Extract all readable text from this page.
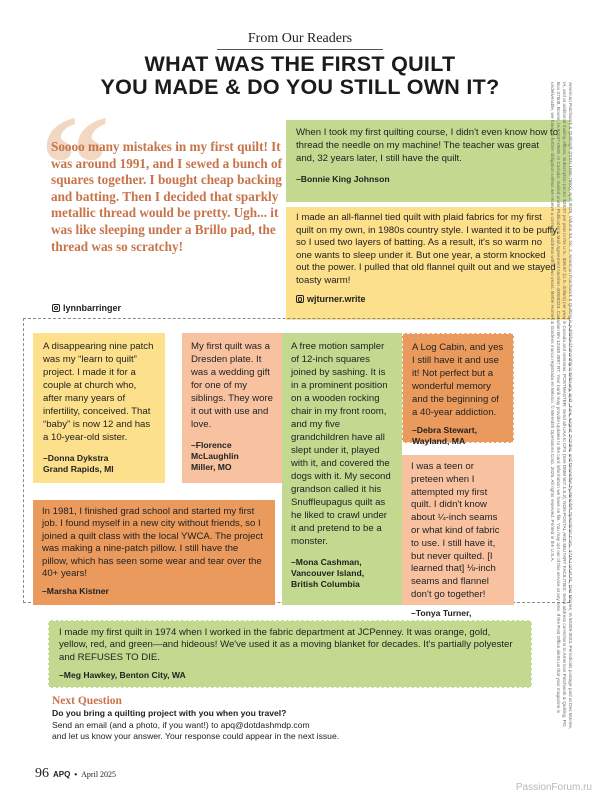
From Our Readers
WHAT WAS THE FIRST QUILT
YOU MADE & DO YOU STILL OWN IT?
“
Soooo many mistakes in my first quilt! It was around 1991, and I sewed a bunch of squares together. I bought cheap backing and batting. Then I decided that sparkly metallic thread would be pretty. Ugh... it was like sleeping under a Brillo pad, the thread was so scratchy!
lynnbarringer

When I took my first quilting course, I didn't even know how to thread the needle on my machine! The teacher was great and, 32 years later, I still have the quilt.

–Bonnie King Johnson

I made an all-flannel tied quilt with plaid fabrics for my first quilt on my own, in 1980s country style. I wanted it to be puffy, so I used two layers of batting. As a result, it's so warm no one wants to sleep under it. But one year, a storm knocked out the power. I pulled that old flannel quilt out and we stayed toasty warm!

wjturner.write

A disappearing nine patch was my “learn to quilt” project. I made it for a couple at church who, after many years of infertility, conceived. That “baby” is now 12 and has a 10-year-old sister.

–Donna Dykstra
Grand Rapids, MI

My first quilt was a Dresden plate. It was a wedding gift for one of my siblings. They wore it out with use and love.

–Florence
McLaughlin
Miller, MO

A free motion sampler of 12-inch squares joined by sashing. It is in a prominent position on a wooden rocking chair in my front room, and my five grandchildren have all slept under it, played with it, and covered the dogs with it. My second grandson called it his Snuffleupagus quilt as he liked to crawl under it and pretend to be a monster.

–Mona Cashman,
Vancouver Island,
British Columbia

A Log Cabin, and yes I still have it and use it! Not perfect but a wonderful memory and the beginning of a 40-year addiction.

–Debra Stewart,
Wayland, MA

In 1981, I finished grad school and started my first job. I found myself in a new city without friends, so I joined a quilt class with the local YWCA. The project was making a nine-patch pillow. I still have the pillow, which has seen some wear and tear over the 40+ years!

–Marsha Kistner

I was a teen or preteen when I attempted my first quilt. I didn't know about ¼-inch seams or what kind of fabric to use. I still have it, but never quilted. [I learned that] ⅛-inch seams and flannel don't go together!

–Tonya Turner,

I made my first quilt in 1974 when I worked in the fabric department at JCPenney. It was orange, gold, yellow, red, and green—and hideous! We've used it as a moving blanket for decades. It's partially polyester and REFUSES TO DIE.

–Meg Hawkey, Benton City, WA

Next Question
Do you bring a quilting project with you when you travel?
Send an email (and a photo, if you want!) to apq@dotdashmdp.com
and let us know your answer. Your response could appear in the next issue.
96 APQ • April 2025
American Patchwork & Quilting® (ISSN 1066-758X), April 2025, Volume 33, No. 2. American Patchwork & Quilting is published bimonthly in February, April, June, August, October, and December by Meredith Operations Corp., 1716 Locust St., Des Moines, IA 50309-3023. Periodicals postage paid at Des Moines, IA, and at additional mailing offices. Subscription prices: $29.97 per year in the U.S.; $39.97 (U.S. dollars) per year in Canada and overseas. POSTMASTER: Send all UAA to CFS (See DMM 507.1.5.2); NON-POSTAL AND MILITARY FACILITIES: Send address corrections to American Patchwork & Quilting, PO Box 37508, Boone, IA 50037-0508. In Canada: mailed under Publications Mail Agreement Number 40069223. Canadian BN 12348 2887 RT. Your bank may provide updates to the card information we have on file. You may opt out of this service at any time. If the Post Office alerts us that your magazine is undeliverable, we have no further obligation unless we receive a corrected address within two years. Better Homes & Gardens marca registrada en México. © Meredith Operations Corp. 2025. All rights reserved. Printed in the U.S.A.
PassionForum.ru
